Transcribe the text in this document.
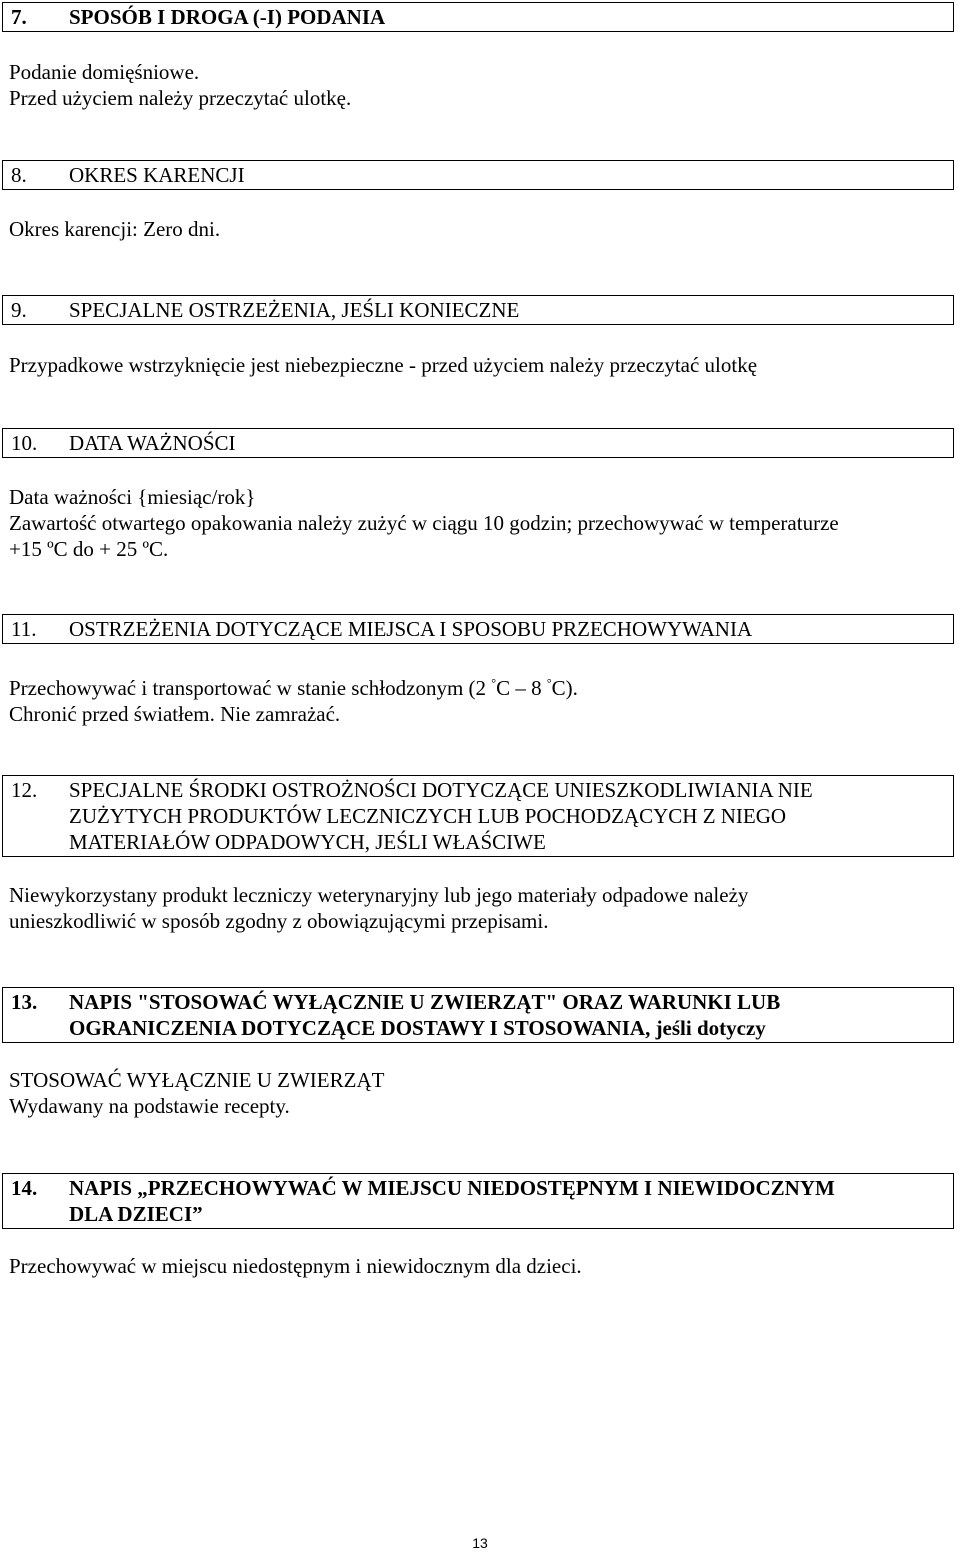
7.	SPOSÓB I DROGA (-I) PODANIA
Podanie domięśniowe.
Przed użyciem należy przeczytać ulotkę.
8.	OKRES KARENCJI
Okres karencji: Zero dni.
9.	SPECJALNE OSTRZEŻENIA, JEŚLI KONIECZNE
Przypadkowe wstrzyknięcie jest niebezpieczne - przed użyciem należy przeczytać ulotkę
10.	DATA WAŻNOŚCI
Data ważności {miesiąc/rok}
Zawartość otwartego opakowania należy zużyć w ciągu 10 godzin; przechowywać w temperaturze
+15 ºC do + 25 ºC.
11.	OSTRZEŻENIA DOTYCZĄCE MIEJSCA I SPOSOBU PRZECHOWYWANIA
Przechowywać i transportować w stanie schłodzonym (2 °C – 8 °C).
Chronić przed światłem. Nie zamrażać.
12.	SPECJALNE ŚRODKI OSTROŻNOŚCI DOTYCZĄCE UNIESZKODLIWIANIA NIE
ZUŻYTYCH PRODUKTÓW LECZNICZYCH LUB POCHODZĄCYCH Z NIEGO
MATERIAŁÓW ODPADOWYCH, JEŚLI WŁAŚCIWE
Niewykorzystany produkt leczniczy weterynaryjny lub jego materiały odpadowe należy
unieszkodliwić w sposób zgodny z obowiązującymi przepisami.
13.	NAPIS "STOSOWAĆ WYŁĄCZNIE U ZWIERZĄT" ORAZ WARUNKI LUB
OGRANICZENIA DOTYCZĄCE DOSTAWY I STOSOWANIA, jeśli dotyczy
STOSOWAĆ WYŁĄCZNIE U ZWIERZĄT
Wydawany na podstawie recepty.
14.	NAPIS „PRZECHOWYWAĆ W MIEJSCU NIEDOSTĘPNYM I NIEWIDOCZNYM
DLA DZIECI”
Przechowywać w miejscu niedostępnym i niewidocznym dla dzieci.
13
